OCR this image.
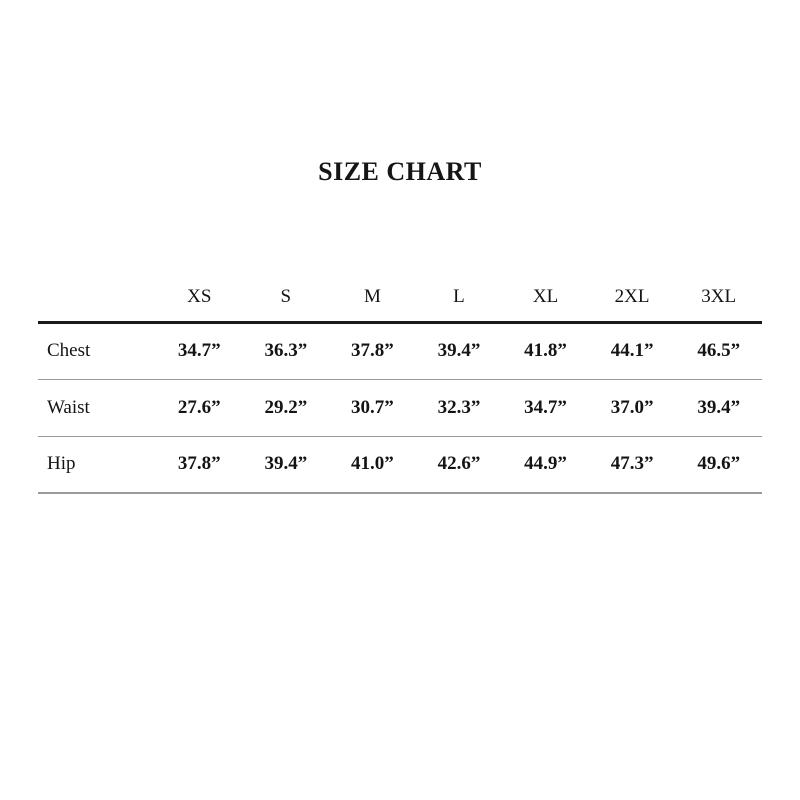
SIZE CHART
	XS	S	M	L	XL	2XL	3XL
Chest	34.7”	36.3”	37.8”	39.4”	41.8”	44.1”	46.5”
Waist	27.6”	29.2”	30.7”	32.3”	34.7”	37.0”	39.4”
Hip	37.8”	39.4”	41.0”	42.6”	44.9”	47.3”	49.6”
